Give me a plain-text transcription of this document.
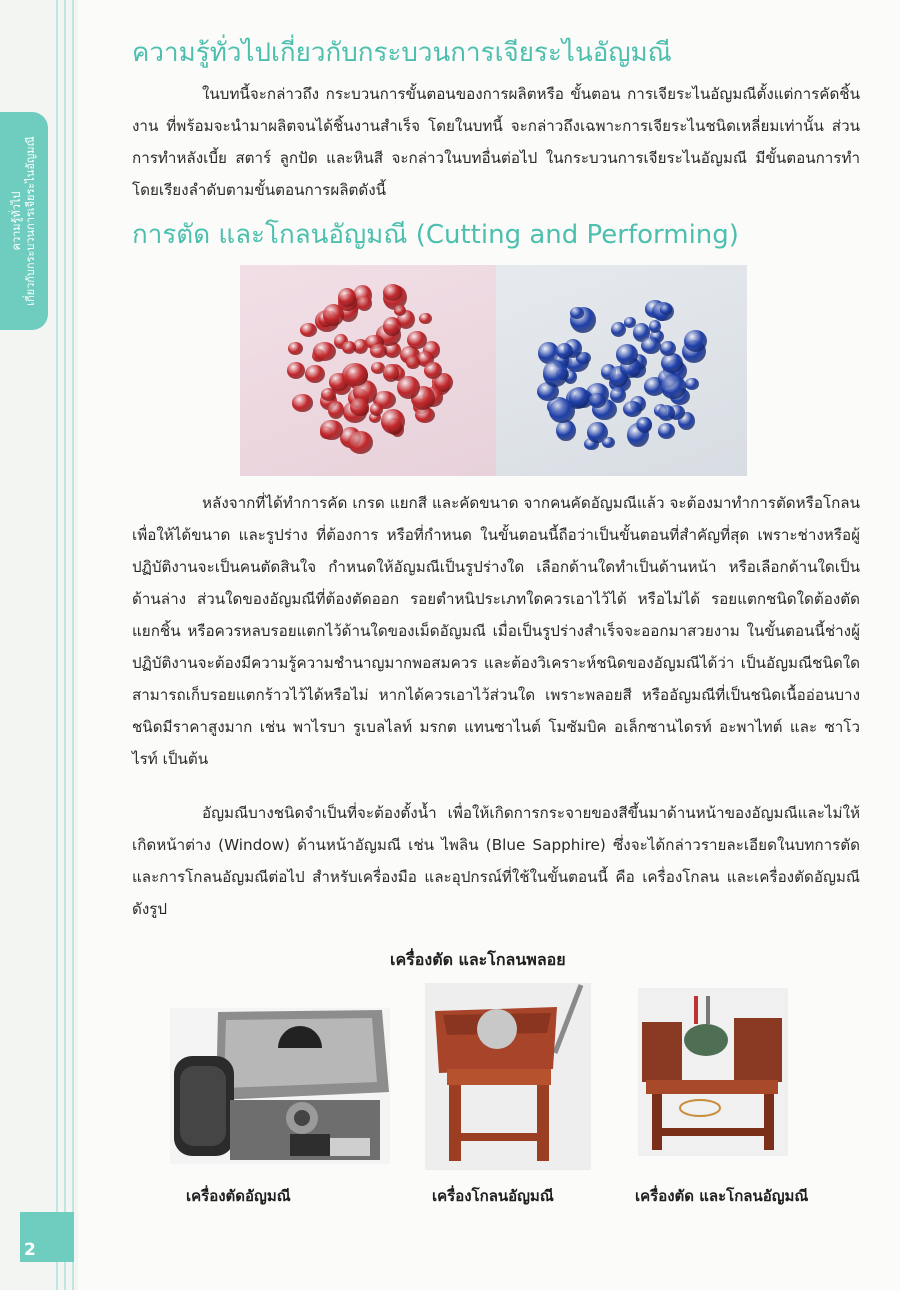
ความรู้ทั่วไป เกี่ยวกับกระบวนการเจียระไนอัญมณี
2
ความรู้ทั่วไปเกี่ยวกับกระบวนการเจียระไนอัญมณี

ในบทนี้จะกล่าวถึง กระบวนการขั้นตอนของการผลิตหรือ ขั้นตอน การเจียระไนอัญมณีตั้งแต่การคัดชิ้นงาน ที่พร้อมจะนำมาผลิตจนได้ชิ้นงานสำเร็จ โดยในบทนี้ จะกล่าวถึงเฉพาะการเจียระไนชนิดเหลี่ยมเท่านั้น ส่วนการทำหลังเบี้ย สตาร์ ลูกปัด และหินสี จะกล่าวในบทอื่นต่อไป ในกระบวนการเจียระไนอัญมณี มีขั้นตอนการทำโดยเรียงลำดับตามขั้นตอนการผลิตดังนี้

การตัด และโกลนอัญมณี (Cutting and Performing)

หลังจากที่ได้ทำการคัด เกรด แยกสี และคัดขนาด จากคนคัดอัญมณีแล้ว จะต้องมาทำการตัดหรือโกลน เพื่อให้ได้ขนาด และรูปร่าง ที่ต้องการ หรือที่กำหนด ในขั้นตอนนี้ถือว่าเป็นขั้นตอนที่สำคัญที่สุด เพราะช่างหรือผู้ปฏิบัติงานจะเป็นคนตัดสินใจ กำหนดให้อัญมณีเป็นรูปร่างใด เลือกด้านใดทำเป็นด้านหน้า หรือเลือกด้านใดเป็นด้านล่าง ส่วนใดของอัญมณีที่ต้องตัดออก รอยตำหนิประเภทใดควรเอาไว้ได้ หรือไม่ได้ รอยแตกชนิดใดต้องตัดแยกชิ้น หรือควรหลบรอยแตกไว้ด้านใดของเม็ดอัญมณี เมื่อเป็นรูปร่างสำเร็จจะออกมาสวยงาม ในขั้นตอนนี้ช่างผู้ปฏิบัติงานจะต้องมีความรู้ความชำนาญมากพอสมควร และต้องวิเคราะห์ชนิดของอัญมณีได้ว่า เป็นอัญมณีชนิดใดสามารถเก็บรอยแตกร้าวไว้ได้หรือไม่ หากได้ควรเอาไว้ส่วนใด เพราะพลอยสี หรืออัญมณีที่เป็นชนิดเนื้ออ่อนบางชนิดมีราคาสูงมาก เช่น พาไรบา รูเบลไลท์ มรกต แทนซาไนต์ โมซัมบิค อเล็กซานไดรท์ อะพาไทต์ และ ซาโวไรท์ เป็นต้น

อัญมณีบางชนิดจำเป็นที่จะต้องตั้งน้ำ เพื่อให้เกิดการกระจายของสีขึ้นมาด้านหน้าของอัญมณีและไม่ให้เกิดหน้าต่าง (Window) ด้านหน้าอัญมณี เช่น ไพลิน (Blue Sapphire) ซึ่งจะได้กล่าวรายละเอียดในบทการตัดและการโกลนอัญมณีต่อไป สำหรับเครื่องมือ และอุปกรณ์ที่ใช้ในขั้นตอนนี้ คือ เครื่องโกลน และเครื่องตัดอัญมณี ดังรูป

เครื่องตัด และโกลนพลอย
เครื่องตัดอัญมณี	เครื่องโกลนอัญมณี	เครื่องตัด และโกลนอัญมณี
